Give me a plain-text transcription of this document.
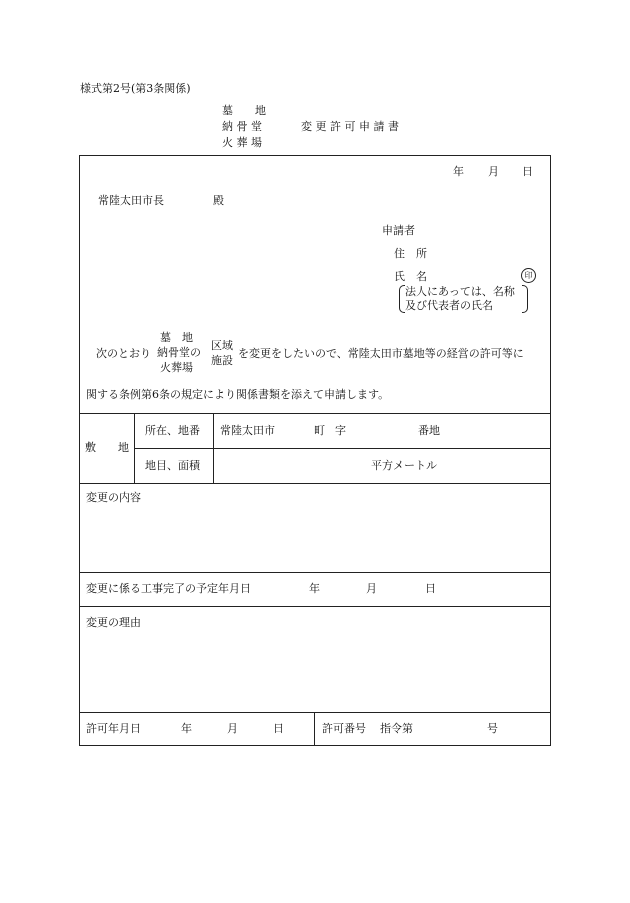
様式第2号(第3条関係)
墓　　地
納 骨 堂
火 葬 場
変 更 許 可 申 請 書
年 月 日
常陸太田市長	殿
申請者
住　所
氏　名	印
法人にあっては、名称
及び代表者の氏名
次のとおり
墓　地
納骨堂の
火葬場
区域
施設
を変更をしたいので、常陸太田市墓地等の経営の許可等に
関する条例第6条の規定により関係書類を添えて申請します。
敷　　地
所在、地番 常陸太田市	町 字	番地
地目、面積	平方メートル
変更の内容
変更に係る工事完了の予定年月日	年	月	日
変更の理由
許可年月日	年	月	日	許可番号 指令第	号
